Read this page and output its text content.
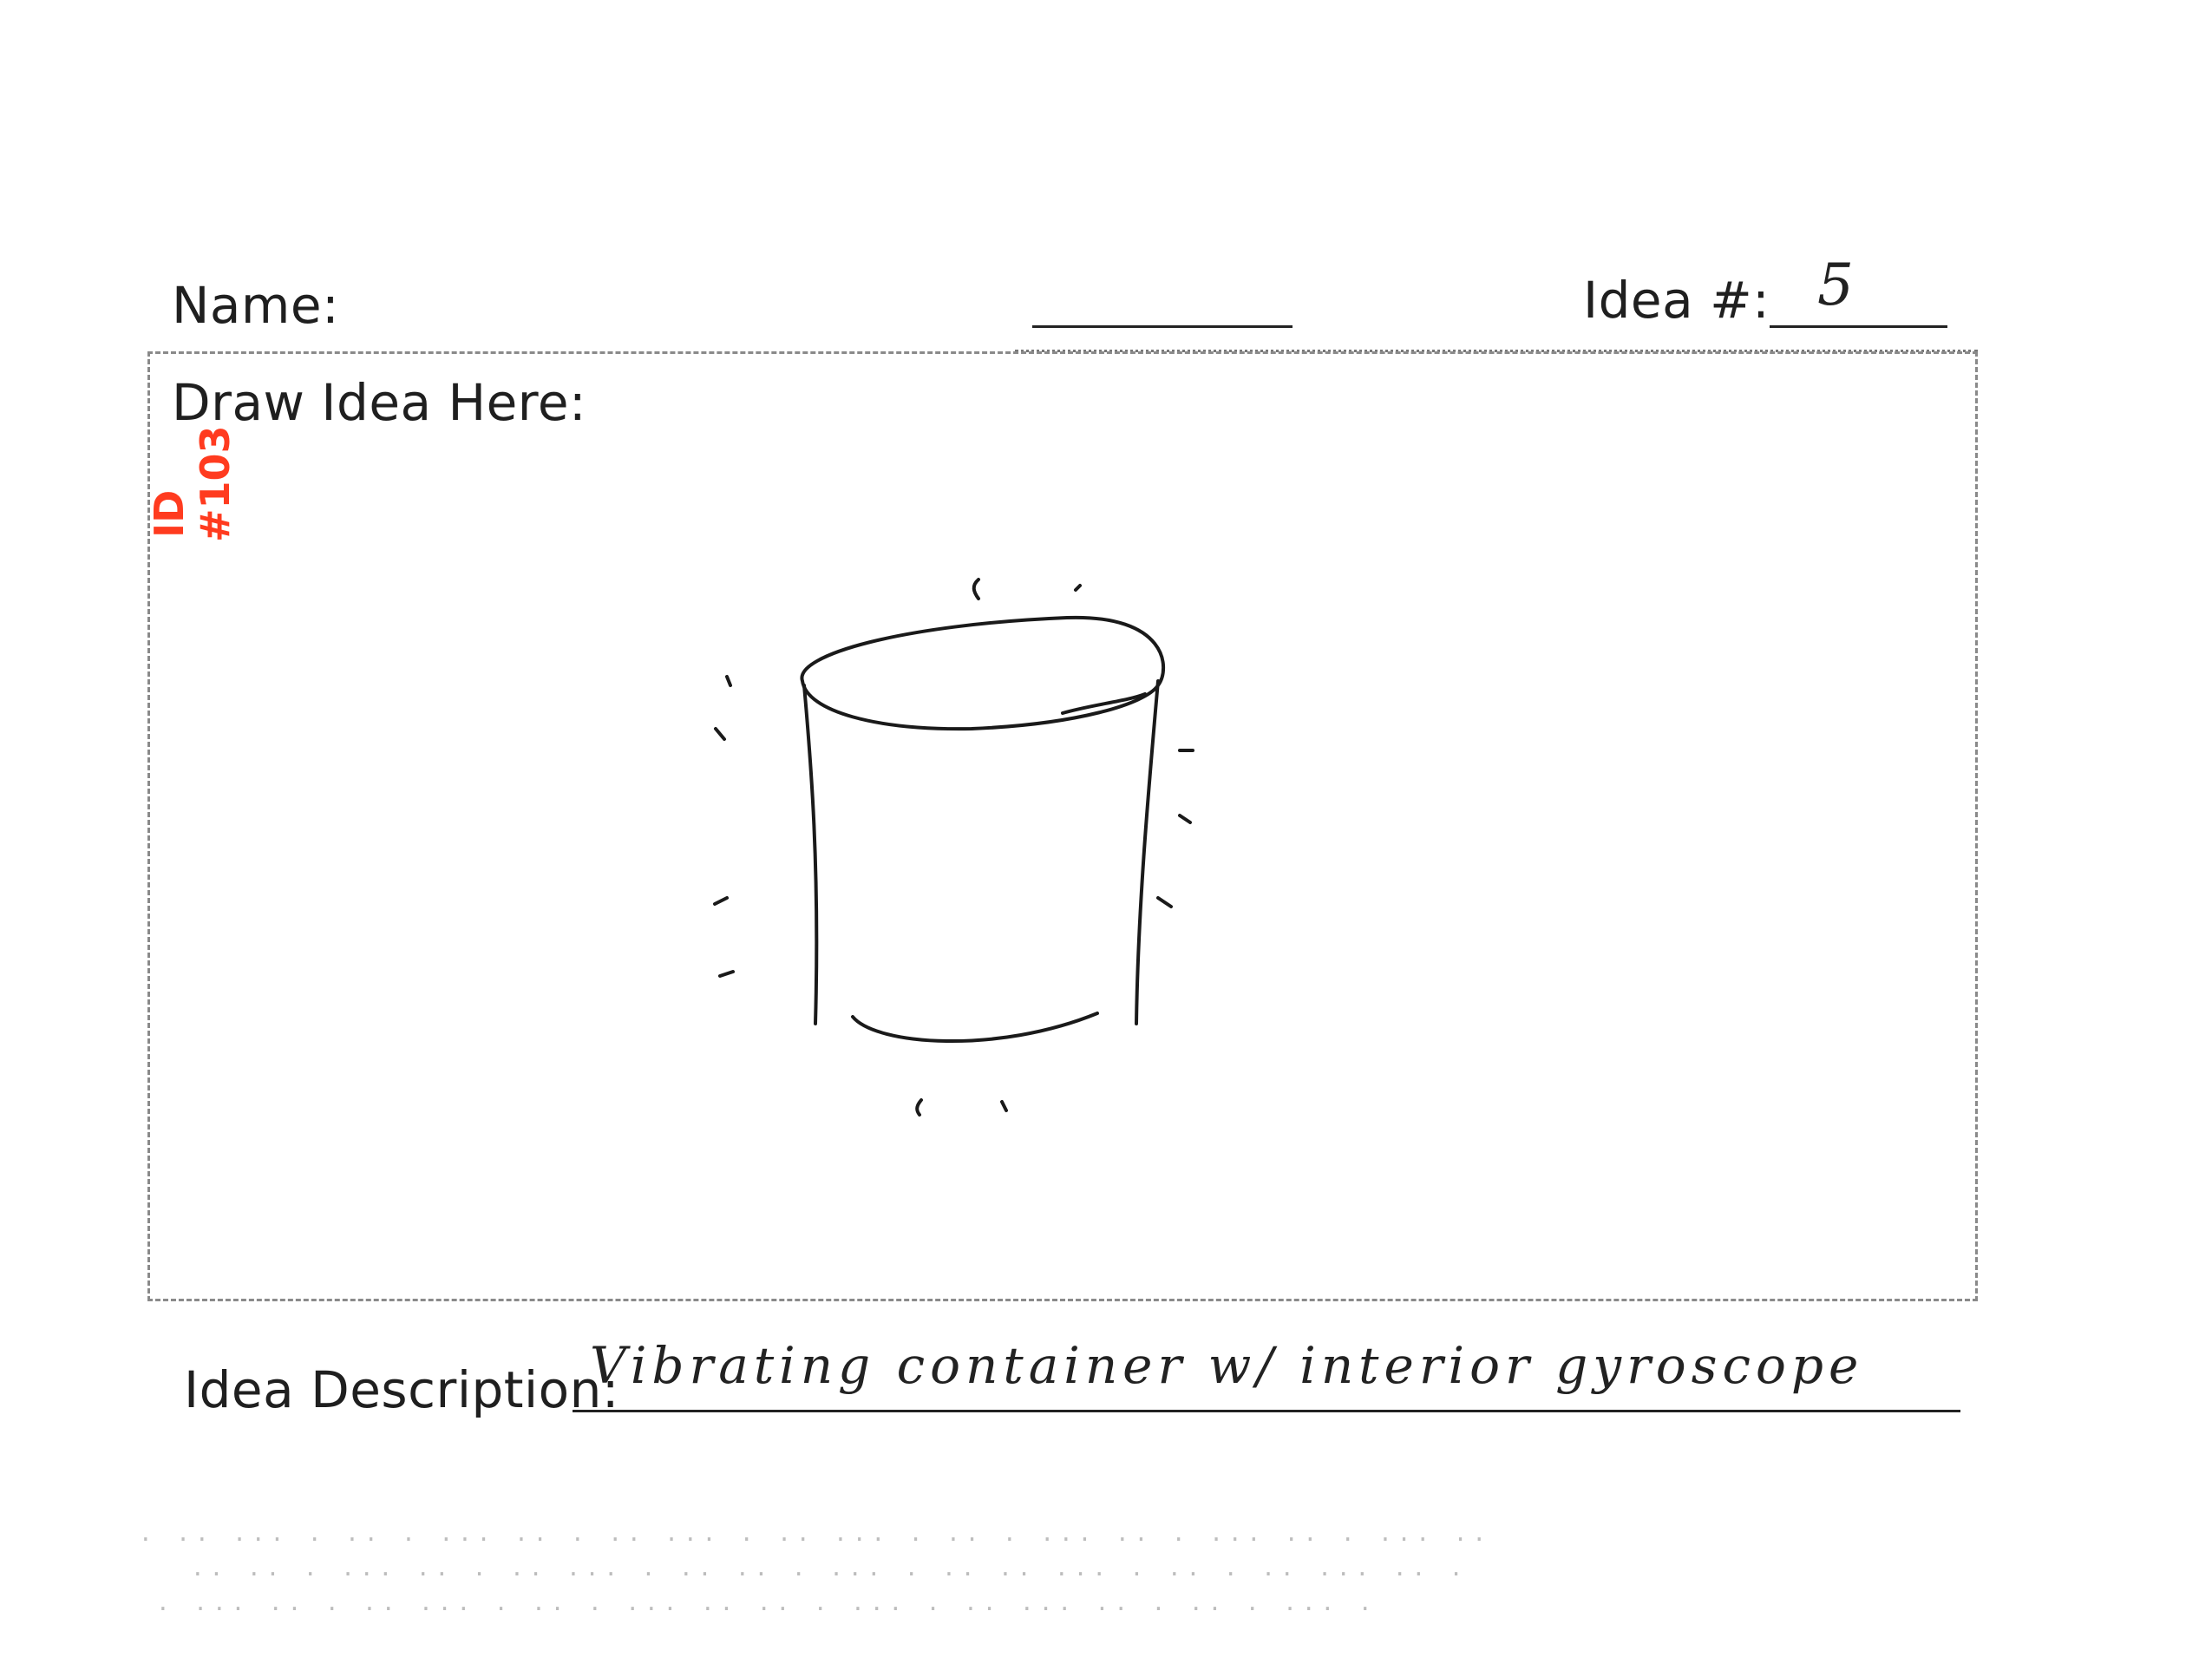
Name:	Idea #: 5
Draw Idea Here:
ID #103
Idea Description:
Vibrating container w/ interior gyroscope
· ·· ··· · ·· · ··· ·· · ·· ··· · ·· ··· · ·· · ··· ·· · ··· ·· · ··· ··
·· ·· · ··· ·· · ·· ··· · ·· ·· · ··· · ·· ·· ··· · ·· · ·· ··· ·· ·
· ··· ·· · ·· ··· · ·· · ··· ·· ·· · ··· · ·· ··· ·· · ·· · ··· ·
